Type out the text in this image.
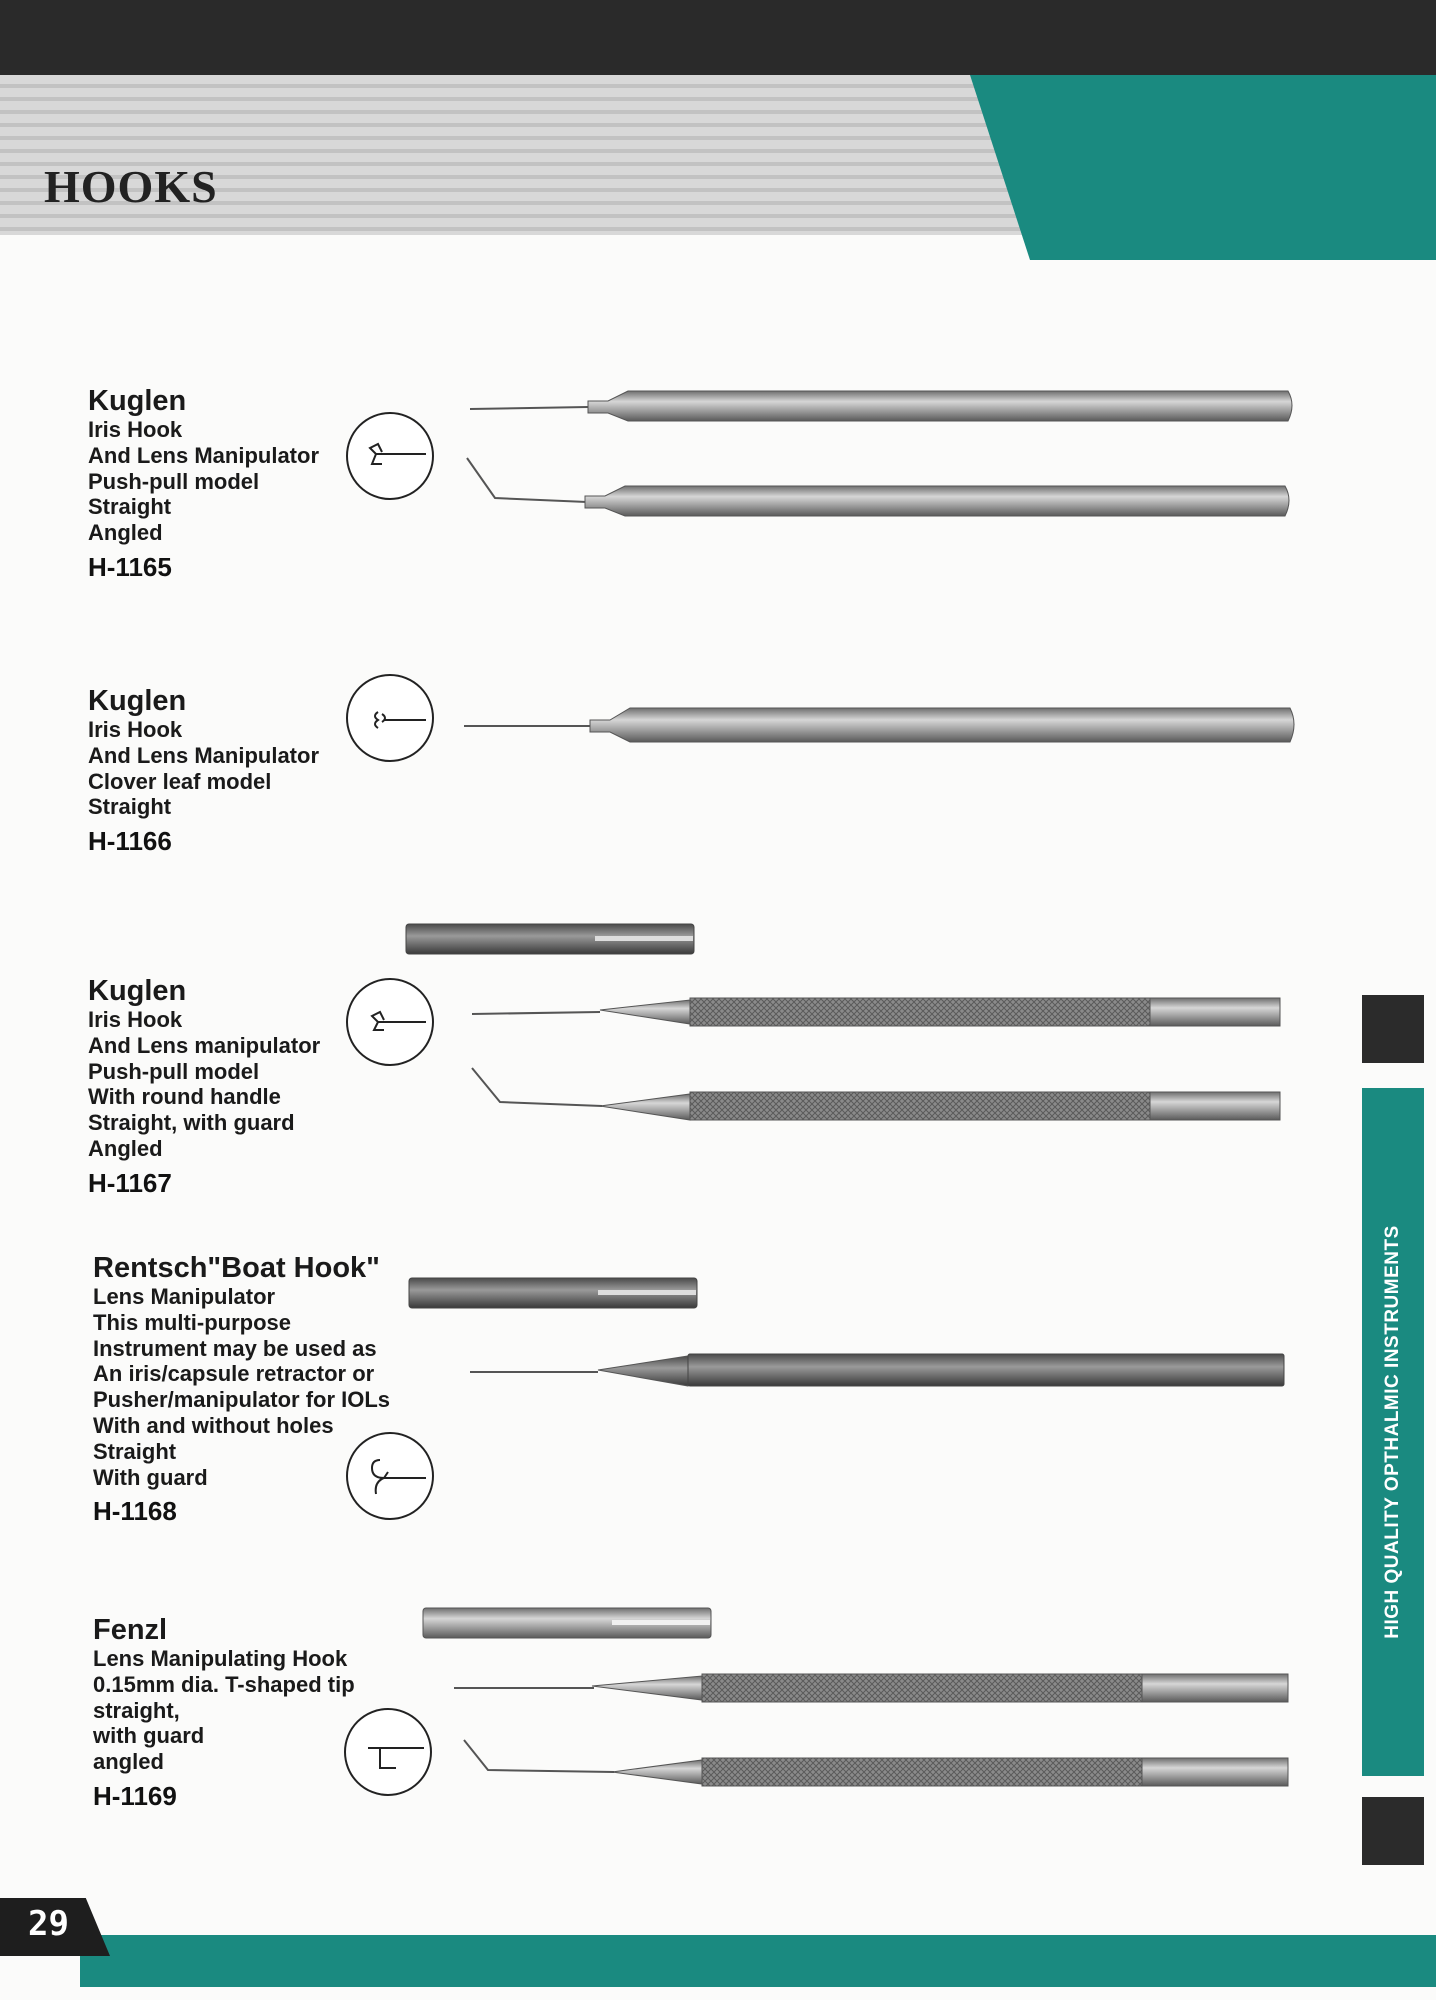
HOOKS
Kuglen
Iris Hook
And Lens Manipulator
Push-pull model
Straight
Angled
H-1165
Kuglen
Iris Hook
And Lens Manipulator
Clover leaf model
Straight
H-1166
Kuglen
Iris Hook
And Lens manipulator
Push-pull model
With round handle
Straight, with guard
Angled
H-1167
Rentsch"Boat Hook"
Lens Manipulator
This multi-purpose
Instrument may be used as
An iris/capsule retractor or
Pusher/manipulator for IOLs
With and without holes
Straight
With guard
H-1168
Fenzl
Lens Manipulating Hook
0.15mm dia. T-shaped tip
straight,
with guard
angled
H-1169
HIGH QUALITY OPTHALMIC INSTRUMENTS
29
